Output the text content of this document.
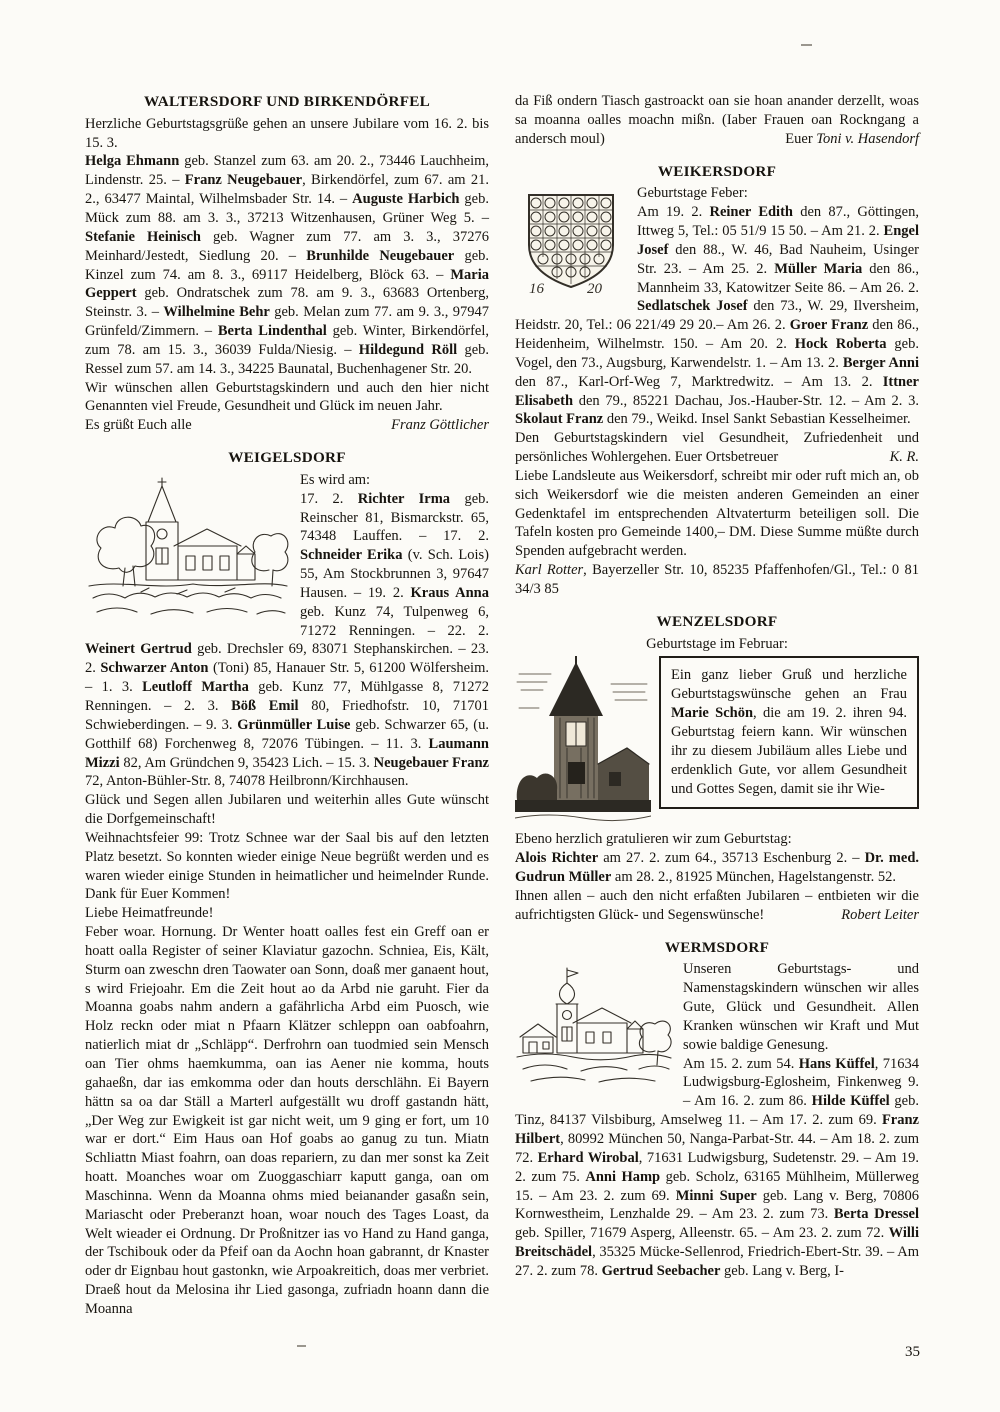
WALTERSDORF UND BIRKENDÖRFEL

Herzliche Geburtstagsgrüße gehen an unsere Jubilare vom 16. 2. bis 15. 3.

Helga Ehmann geb. Stanzel zum 63. am 20. 2., 73446 Lauchheim, Lindenstr. 25. – Franz Neugebauer, Birkendörfel, zum 67. am 21. 2., 63477 Maintal, Wilhelmsbader Str. 14. – Auguste Harbich geb. Mück zum 88. am 3. 3., 37213 Witzenhausen, Grüner Weg 5. – Stefanie Heinisch geb. Wagner zum 77. am 3. 3., 37276 Meinhard/Jestedt, Siedlung 20. – Brunhilde Neugebauer geb. Kinzel zum 74. am 8. 3., 69117 Heidelberg, Blöck 63. – Maria Geppert geb. Ondratschek zum 78. am 9. 3., 63683 Ortenberg, Steinstr. 3. – Wilhelmine Behr geb. Melan zum 77. am 9. 3., 97947 Grünfeld/Zimmern. – Berta Lindenthal geb. Winter, Birkendörfel, zum 78. am 15. 3., 36039 Fulda/Niesig. – Hildegund Röll geb. Ressel zum 57. am 14. 3., 34225 Baunatal, Buchenhagener Str. 20.

Wir wünschen allen Geburtstagskindern und auch den hier nicht Genannten viel Freude, Gesundheit und Glück im neuen Jahr.

Es grüßt Euch alle	Franz Göttlicher
WEIGELSDORF

Es wird am:

17. 2. Richter Irma geb. Reinscher 81, Bismarckstr. 65, 74348 Lauffen. – 17. 2. Schneider Erika (v. Sch. Lois) 55, Am Stockbrunnen 3, 97647 Hausen. – 19. 2. Kraus Anna geb. Kunz 74, Tulpenweg 6, 71272 Renningen. – 22. 2. Weinert Gertrud geb. Drechsler 69, 83071 Stephanskirchen. – 23. 2. Schwarzer Anton (Toni) 85, Hanauer Str. 5, 61200 Wölfersheim. – 1. 3. Leutloff Martha geb. Kunz 77, Mühlgasse 8, 71272 Renningen. – 2. 3. Böß Emil 80, Friedhofstr. 10, 71701 Schwieberdingen. – 9. 3. Grünmüller Luise geb. Schwarzer 65, (u. Gotthilf 68) Forchenweg 8, 72076 Tübingen. – 11. 3. Laumann Mizzi 82, Am Gründchen 9, 35423 Lich. – 15. 3. Neugebauer Franz 72, Anton-Bühler-Str. 8, 74078 Heilbronn/Kirchhausen.

Glück und Segen allen Jubilaren und weiterhin alles Gute wünscht die Dorfgemeinschaft!

Weihnachtsfeier 99: Trotz Schnee war der Saal bis auf den letzten Platz besetzt. So konnten wieder einige Neue begrüßt werden und es waren wieder einige Stunden in heimatlicher und heimelnder Runde. Dank für Euer Kommen!

Liebe Heimatfreunde!

Feber woar. Hornung. Dr Wenter hoatt oalles fest ein Greff oan er hoatt oalla Register of seiner Klaviatur gazochn. Schniea, Eis, Kält, Sturm oan zweschn dren Taowater oan Sonn, doaß mer ganaent hout, s wird Friejoahr. Em die Zeit hout ao da Arbd nie garuht. Fier da Moanna goabs nahm andern a gafährlicha Arbd eim Puosch, wie Holz reckn oder miat n Pfaarn Klätzer schleppn oan oabfoahrn, natierlich miat dr „Schläpp“. Derfrohrn oan tuodmied sein Mensch oan Tier ohms haemkumma, oan ias Aener nie komma, houts gahaeßn, dar ias emkomma oder dan houts derschlähn. Ei Bayern hättn sa oa dar Ställ a Marterl aufgeställt wu droff gastandn hätt, „Der Weg zur Ewigkeit ist gar nicht weit, um 9 ging er fort, um 10 war er dort.“ Eim Haus oan Hof goabs ao ganug zu tun. Miatn Schliattn Miast foahrn, oan doas repariern, zu dan mer sonst ka Zeit hoatt. Moanches woar om Zuoggaschiarr kaputt ganga, oan om Maschinna. Wenn da Moanna ohms mied beianander gasaßn sein, Mariascht oder Preberanzt hoan, woar nouch des Tages Loast, da Welt wieader ei Ordnung. Dr Proßnitzer ias vo Hand zu Hand ganga, der Tschibouk oder da Pfeif oan da Aochn hoan gabrannt, dr Knaster oder dr Eignbau hout gastonkn, wie Arpoakreitich, doas mer verbriet. Draeß hout da Melosina ihr Lied gasonga, zufriadn hoann dann die Moanna

da Fiß ondern Tiasch gastroackt oan sie hoan anander derzellt, woas sa moanna oalles moachn mißn. (Iaber Frauen oan Rockngang a andersch moul)	Euer Toni v. Hasendorf
WEIKERSDORF
16	20

Geburtstage Feber:

Am 19. 2. Reiner Edith den 87., Göttingen, Ittweg 5, Tel.: 05 51/9 15 50. – Am 21. 2. Engel Josef den 88., W. 46, Bad Nauheim, Usinger Str. 23. – Am 25. 2. Müller Maria den 86., Mannheim 33, Katowitzer Seite 86. – Am 26. 2. Sedlatschek Josef den 73., W. 29, Ilversheim, Heidstr. 20, Tel.: 06 221/49 29 20.– Am 26. 2. Groer Franz den 86., Heidenheim, Wilhelmstr. 150. – Am 20. 2. Hock Roberta geb. Vogel, den 73., Augsburg, Karwendelstr. 1. – Am 13. 2. Berger Anni den 87., Karl-Orf-Weg 7, Marktredwitz. – Am 13. 2. Ittner Elisabeth den 79., 85221 Dachau, Jos.-Hauber-Str. 12. – Am 2. 3. Skolaut Franz den 79., Weikd. Insel Sankt Sebastian Kesselheimer.

Den Geburtstagskindern viel Gesundheit, Zufriedenheit und persönliches Wohlergehen. Euer Ortsbetreuer	K. R.

Liebe Landsleute aus Weikersdorf, schreibt mir oder ruft mich an, ob sich Weikersdorf wie die meisten anderen Gemeinden an einer Gedenktafel im entsprechenden Altvaterturm beteiligen soll. Die Tafeln kosten pro Gemeinde 1400,– DM. Diese Summe müßte durch Spenden aufgebracht werden.

Karl Rotter, Bayerzeller Str. 10, 85235 Pfaffenhofen/Gl., Tel.: 0 81 34/3 85

WENZELSDORF

Geburtstage im Februar:

Ein ganz lieber Gruß und herzliche Geburtstagswünsche gehen an Frau Marie Schön, die am 19. 2. ihren 94. Geburtstag feiern kann. Wir wünschen ihr zu diesem Jubiläum alles Liebe und erdenklich Gute, vor allem Gesundheit und Gottes Segen, damit sie ihr Wie-

Ebeno herzlich gratulieren wir zum Geburtstag:

Alois Richter am 27. 2. zum 64., 35713 Eschenburg 2. – Dr. med. Gudrun Müller am 28. 2., 81925 München, Hagelstangenstr. 52.

Ihnen allen – auch den nicht erfaßten Jubilaren – entbieten wir die aufrichtigsten Glück- und Segenswünsche!	Robert Leiter
WERMSDORF

Unseren Geburtstags- und Namenstagskindern wünschen wir alles Gute, Glück und Gesundheit. Allen Kranken wünschen wir Kraft und Mut sowie baldige Genesung.

Am 15. 2. zum 54. Hans Küffel, 71634 Ludwigsburg-Eglosheim, Finkenweg 9. – Am 16. 2. zum 86. Hilde Küffel geb. Tinz, 84137 Vilsbiburg, Amselweg 11. – Am 17. 2. zum 69. Franz Hilbert, 80992 München 50, Nanga-Parbat-Str. 44. – Am 18. 2. zum 72. Erhard Wirobal, 71631 Ludwigsburg, Sudetenstr. 29. – Am 19. 2. zum 75. Anni Hamp geb. Scholz, 63165 Mühlheim, Müllerweg 15. – Am 23. 2. zum 69. Minni Super geb. Lang v. Berg, 70806 Kornwestheim, Lenzhalde 29. – Am 23. 2. zum 73. Berta Dressel geb. Spiller, 71679 Asperg, Alleenstr. 65. – Am 23. 2. zum 72. Willi Breitschädel, 35325 Mücke-Sellenrod, Friedrich-Ebert-Str. 39. – Am 27. 2. zum 78. Gertrud Seebacher geb. Lang v. Berg, I-

35
